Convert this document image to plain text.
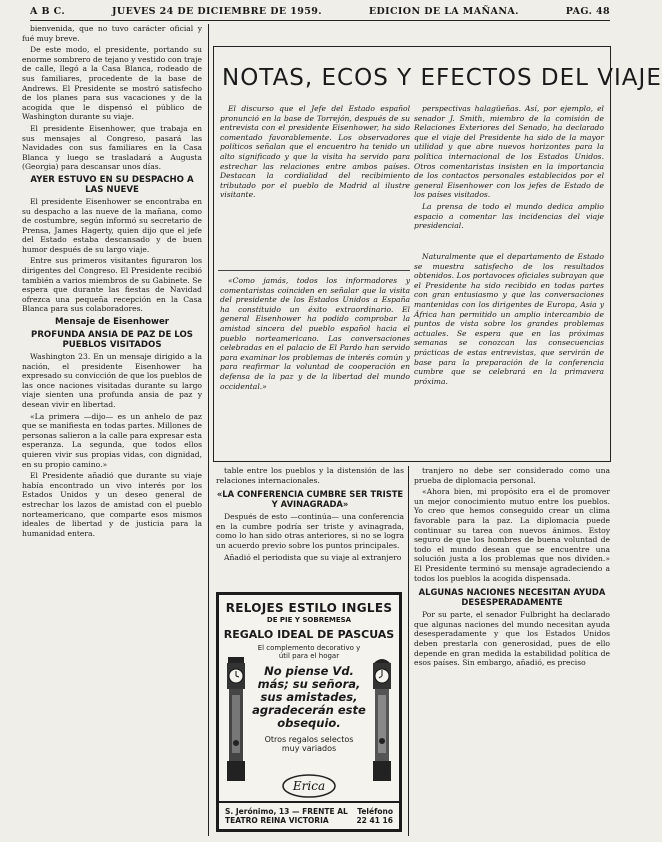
A B C.	JUEVES 24 DE DICIEMBRE DE 1959.	EDICION DE LA MAÑANA.	PAG. 48

bienvenida, que no tuvo carácter oficial y fué muy breve.

De este modo, el presidente, portando su enorme sombrero de tejano y vestido con traje de calle, llegó a la Casa Blanca, rodeado de sus familiares, procedente de la base de Andrews. El Presidente se mostró satisfecho de los planes para sus vacaciones y de la acogida que le dispensó el público de Washington durante su viaje.

El presidente Eisenhower, que trabaja en sus mensajes al Congreso, pasará las Navidades con sus familiares en la Casa Blanca y luego se trasladará a Augusta (Georgia) para descansar unos días.

AYER ESTUVO EN SU DESPACHO A LAS NUEVE

El presidente Eisenhower se encontraba en su despacho a las nueve de la mañana, como de costumbre, según informó su secretario de Prensa, James Hagerty, quien dijo que el jefe del Estado estaba descansado y de buen humor después de su largo viaje.

Entre sus primeros visitantes figuraron los dirigentes del Congreso. El Presidente recibió también a varios miembros de su Gabinete. Se espera que durante las fiestas de Navidad ofrezca una pequeña recepción en la Casa Blanca para sus colaboradores.

Mensaje de Eisenhower
PROFUNDA ANSIA DE PAZ DE LOS PUEBLOS VISITADOS

Washington 23. En un mensaje dirigido a la nación, el presidente Eisenhower ha expresado su convicción de que los pueblos de las once naciones visitadas durante su largo viaje sienten una profunda ansia de paz y desean vivir en libertad.

«La primera —dijo— es un anhelo de paz que se manifiesta en todas partes. Millones de personas salieron a la calle para expresar esta esperanza. La segunda, que todos ellos quieren vivir sus propias vidas, con dignidad, en su propio camino.»

El Presidente añadió que durante su viaje había encontrado un vivo interés por los Estados Unidos y un deseo general de estrechar los lazos de amistad con el pueblo norteamericano, que comparte esos mismos ideales de libertad y de justicia para la humanidad entera.

NOTAS, ECOS Y EFECTOS DEL VIAJE

El discurso que el Jefe del Estado español pronunció en la base de Torrejón, después de su entrevista con el presidente Eisenhower, ha sido comentado favorablemente. Los observadores políticos señalan que el encuentro ha tenido un alto significado y que la visita ha servido para estrechar las relaciones entre ambos países. Destacan la cordialidad del recibimiento tributado por el pueblo de Madrid al ilustre visitante.

«Como jamás, todos los informadores y comentaristas coinciden en señalar que la visita del presidente de los Estados Unidos a España ha constituido un éxito extraordinario. El general Eisenhower ha podido comprobar la amistad sincera del pueblo español hacia el pueblo norteamericano. Las conversaciones celebradas en el palacio de El Pardo han servido para examinar los problemas de interés común y para reafirmar la voluntad de cooperación en defensa de la paz y de la libertad del mundo occidental.»

perspectivas halagüeñas. Así, por ejemplo, el senador J. Smith, miembro de la comisión de Relaciones Exteriores del Senado, ha declarado que el viaje del Presidente ha sido de la mayor utilidad y que abre nuevos horizontes para la política internacional de los Estados Unidos. Otros comentaristas insisten en la importancia de los contactos personales establecidos por el general Eisenhower con los jefes de Estado de los países visitados.

La prensa de todo el mundo dedica amplio espacio a comentar las incidencias del viaje presidencial.

Naturalmente que el departamento de Estado se muestra satisfecho de los resultados obtenidos. Los portavoces oficiales subrayan que el Presidente ha sido recibido en todas partes con gran entusiasmo y que las conversaciones mantenidas con los dirigentes de Europa, Asia y África han permitido un amplio intercambio de puntos de vista sobre los grandes problemas actuales. Se espera que en las próximas semanas se conozcan las consecuencias prácticas de estas entrevistas, que servirán de base para la preparación de la conferencia cumbre que se celebrará en la primavera próxima.

table entre los pueblos y la distensión de las relaciones internacionales.

«LA CONFERENCIA CUMBRE SER TRISTE Y AVINAGRADA»

Después de esto —continúa— una conferencia en la cumbre podría ser triste y avinagrada, como lo han sido otras anteriores, si no se logra un acuerdo previo sobre los puntos principales.

Añadió el periodista que su viaje al extranjero

RELOJES ESTILO INGLES
DE PIE Y SOBREMESA
REGALO IDEAL DE PASCUAS
El complemento decorativo y útil para el hogar
No piense Vd. más; su señora, sus amistades, agradecerán este obsequio.
Otros regalos selectos muy variados
Erica
S. Jerónimo, 13 — FRENTE AL TEATRO REINA VICTORIA
Teléfono 22 41 16

tranjero no debe ser considerado como una prueba de diplomacia personal.

«Ahora bien, mi propósito era el de promover un mejor conocimiento mutuo entre los pueblos. Yo creo que hemos conseguido crear un clima favorable para la paz. La diplomacia puede continuar su tarea con nuevos ánimos. Estoy seguro de que los hombres de buena voluntad de todo el mundo desean que se encuentre una solución justa a los problemas que nos dividen.» El Presidente terminó su mensaje agradeciendo a todos los pueblos la acogida dispensada.

ALGUNAS NACIONES NECESITAN AYUDA DESESPERADAMENTE

Por su parte, el senador Fulbright ha declarado que algunas naciones del mundo necesitan ayuda desesperadamente y que los Estados Unidos deben prestarla con generosidad, pues de ello depende en gran medida la estabilidad política de esos países. Sin embargo, añadió, es preciso
